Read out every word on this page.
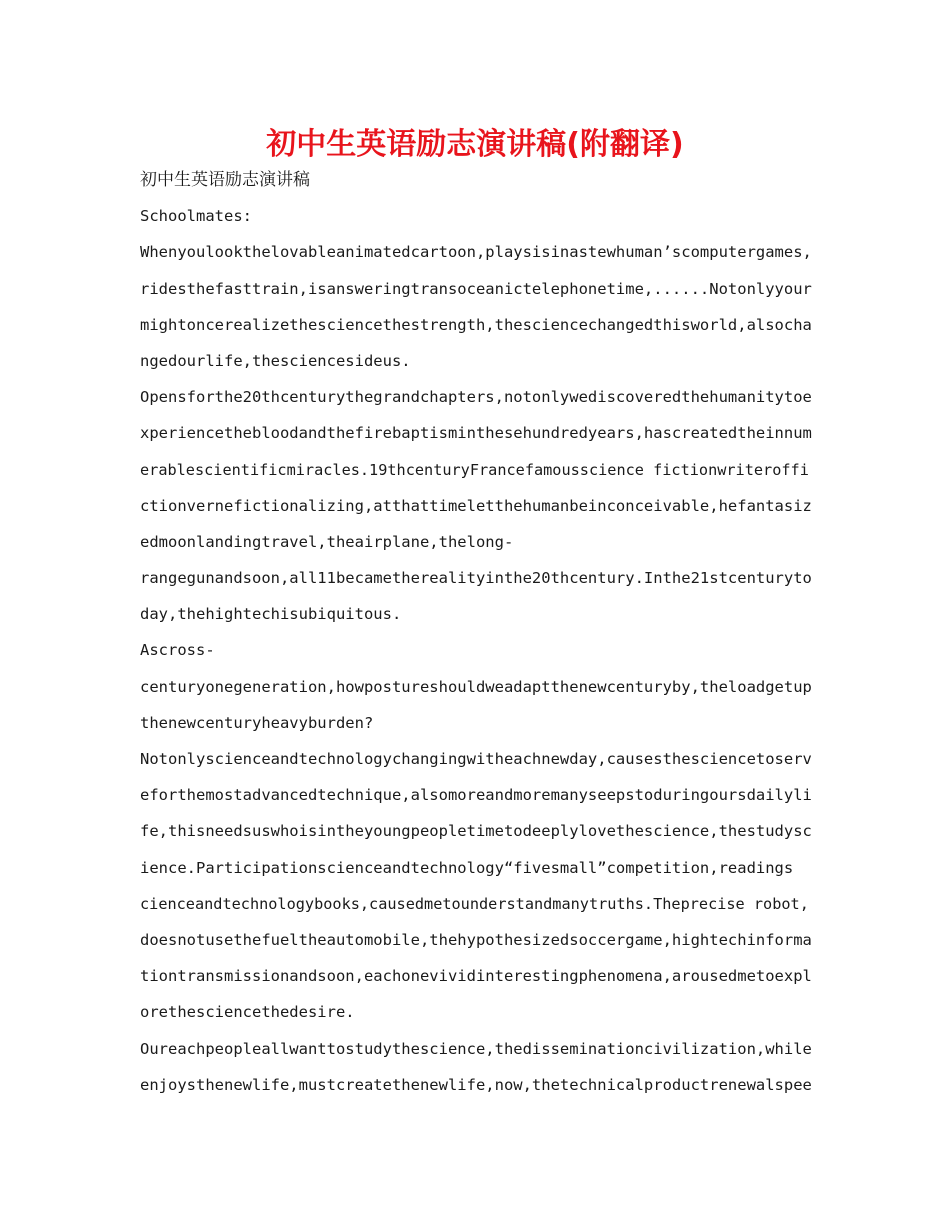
初中生英语励志演讲稿(附翻译)
初中生英语励志演讲稿
Schoolmates:
Whenyoulookthelovableanimatedcartoon,playsisinastewhuman’scomputergames,
ridesthefasttrain,isansweringtransoceanictelephonetime,......Notonlyyour
mightoncerealizethesciencethestrength,thesciencechangedthisworld,alsocha
ngedourlife,thesciencesideus.
Opensforthe20thcenturythegrandchapters,notonlywediscoveredthehumanitytoe
xperiencethebloodandthefirebaptisminthesehundredyears,hascreatedtheinnum
erablescientificmiracles.19thcenturyFrancefamousscience fictionwriteroffi
ctionvernefictionalizing,atthattimeletthehumanbeinconceivable,hefantasiz
edmoonlandingtravel,theairplane,thelong-
rangegunandsoon,all11becametherealityinthe20thcentury.Inthe21stcenturyto
day,thehightechisubiquitous.
Ascross-
centuryonegeneration,howpostureshouldweadaptthenewcenturyby,theloadgetup
thenewcenturyheavyburden?
Notonlyscienceandtechnologychangingwitheachnewday,causesthesciencetoserv
eforthemostadvancedtechnique,alsomoreandmoremanyseepstoduringoursdailyli
fe,thisneedsuswhoisintheyoungpeopletimetodeeplylovethescience,thestudysc
ience.Participationscienceandtechnology“fivesmall”competition,readings
cienceandtechnologybooks,causedmetounderstandmanytruths.Theprecise robot,
doesnotusethefueltheautomobile,thehypothesizedsoccergame,hightechinforma
tiontransmissionandsoon,eachonevividinterestingphenomena,arousedmetoexpl
orethesciencethedesire.
Oureachpeopleallwanttostudythescience,thedisseminationcivilization,while
enjoysthenewlife,mustcreatethenewlife,now,thetechnicalproductrenewalspee
